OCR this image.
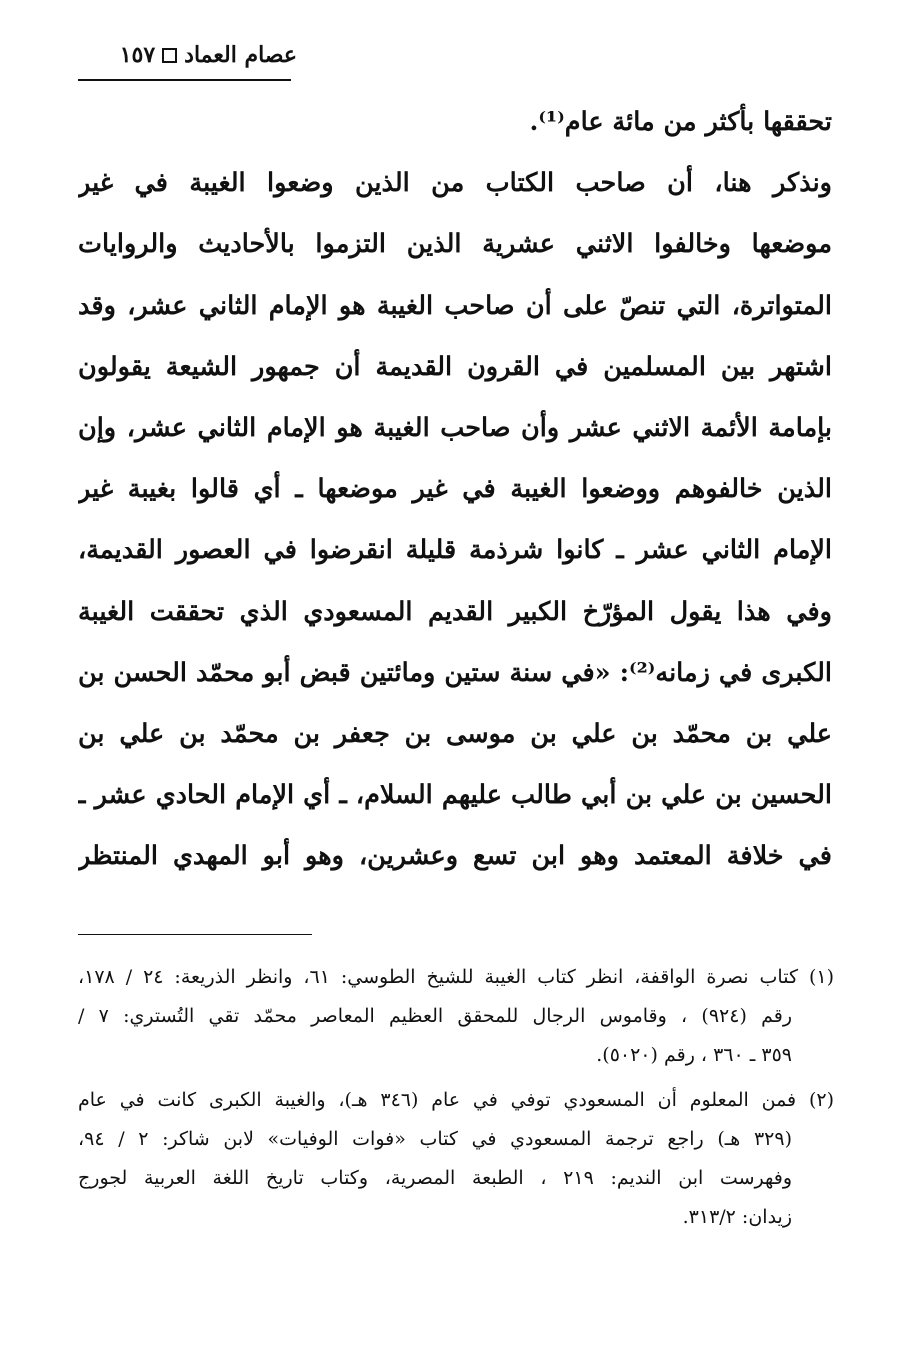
عصام العماد
١٥٧
تحققها بأكثر من مائة عام⁽¹⁾.
ونذكر هنا، أن صاحب الكتاب من الذين وضعوا الغيبة في غير
موضعها وخالفوا الاثني عشرية الذين التزموا بالأحاديث والروايات
المتواترة، التي تنصّ على أن صاحب الغيبة هو الإمام الثاني عشر، وقد
اشتهر بين المسلمين في القرون القديمة أن جمهور الشيعة يقولون
بإمامة الأئمة الاثني عشر وأن صاحب الغيبة هو الإمام الثاني عشر، وإن
الذين خالفوهم ووضعوا الغيبة في غير موضعها ـ أي قالوا بغيبة غير
الإمام الثاني عشر ـ كانوا شرذمة قليلة انقرضوا في العصور القديمة،
وفي هذا يقول المؤرّخ الكبير القديم المسعودي الذي تحققت الغيبة
الكبرى في زمانه⁽²⁾: «في سنة ستين ومائتين قبض أبو محمّد الحسن بن
علي بن محمّد بن علي بن موسى بن جعفر بن محمّد بن علي بن
الحسين بن علي بن أبي طالب عليهم السلام، ـ أي الإمام الحادي عشر ـ
في خلافة المعتمد وهو ابن تسع وعشرين، وهو أبو المهدي المنتظر
(١) كتاب نصرة الواقفة، انظر كتاب الغيبة للشيخ الطوسي: ٦١، وانظر الذريعة: ٢٤ / ١٧٨،
رقم (٩٢٤) ، وقاموس الرجال للمحقق العظيم المعاصر محمّد تقي التُستري: ٧ /
٣٥٩ ـ ٣٦٠ ، رقم (٥٠٢٠).
(٢) فمن المعلوم أن المسعودي توفي في عام (٣٤٦ هـ)، والغيبة الكبرى كانت في عام
(٣٢٩ هـ) راجع ترجمة المسعودي في كتاب «فوات الوفيات» لابن شاكر: ٢ / ٩٤،
وفهرست ابن النديم: ٢١٩ ، الطبعة المصرية، وكتاب تاريخ اللغة العربية لجورج
زيدان: ٣١٣/٢.
